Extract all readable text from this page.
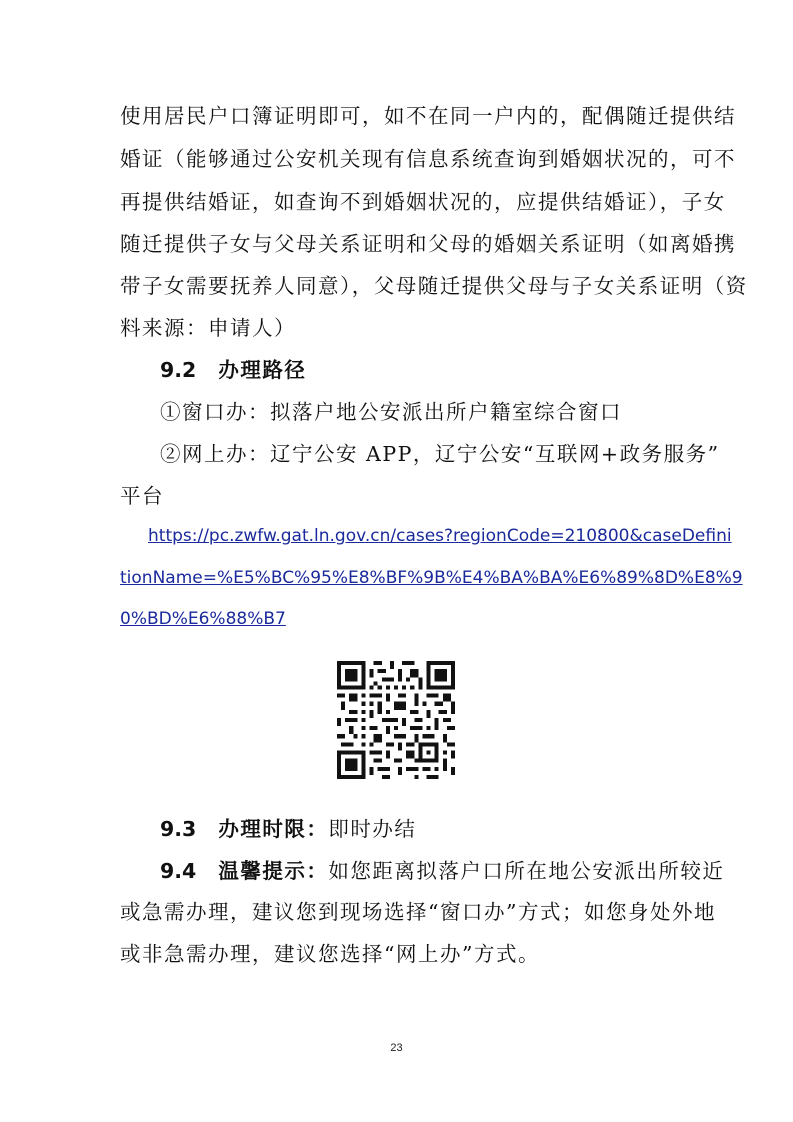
使用居民户口簿证明即可，如不在同一户内的，配偶随迁提供结
婚证（能够通过公安机关现有信息系统查询到婚姻状况的，可不
再提供结婚证，如查询不到婚姻状况的，应提供结婚证），子女
随迁提供子女与父母关系证明和父母的婚姻关系证明（如离婚携
带子女需要抚养人同意），父母随迁提供父母与子女关系证明（资
料来源：申请人）
9.2 办理路径
①窗口办：拟落户地公安派出所户籍室综合窗口
②网上办：辽宁公安 APP，辽宁公安“互联网+政务服务”
平台
https://pc.zwfw.gat.ln.gov.cn/cases?regionCode=210800&caseDefini
tionName=%E5%BC%95%E8%BF%9B%E4%BA%BA%E6%89%8D%E8%9
0%BD%E6%88%B7
9.3 办理时限：即时办结
9.4 温馨提示：如您距离拟落户口所在地公安派出所较近
或急需办理，建议您到现场选择“窗口办”方式；如您身处外地
或非急需办理，建议您选择“网上办”方式。
23
